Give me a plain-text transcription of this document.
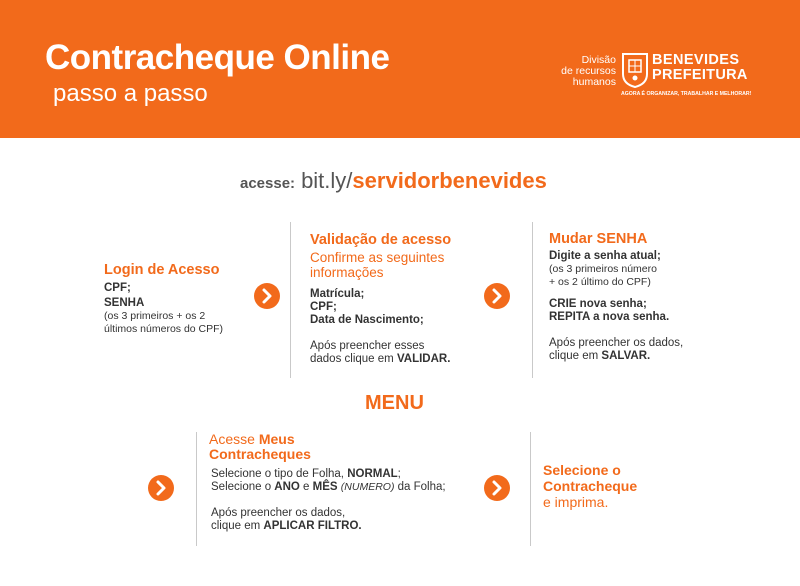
Contracheque Online
passo a passo
Divisão
de recursos
humanos
BENEVIDES
PREFEITURA
AGORA É ORGANIZAR, TRABALHAR E MELHORAR!
acesse: bit.ly/servidorbenevides
Login de Acesso
CPF;
SENHA
(os 3 primeiros + os 2
últimos números do CPF)
Validação de acesso
Confirme as seguintes
informações
Matrícula;
CPF;
Data de Nascimento;
Após preencher esses
dados clique em VALIDAR.
Mudar SENHA
Digite a senha atual;
(os 3 primeiros número
+ os 2 último do CPF)
CRIE nova senha;
REPITA a nova senha.
Após preencher os dados,
clique em SALVAR.
MENU
Acesse Meus
Contracheques
Selecione o tipo de Folha, NORMAL;
Selecione o ANO e MÊS (NUMERO) da Folha;
Após preencher os dados,
clique em APLICAR FILTRO.
Selecione o
Contracheque
e imprima.
